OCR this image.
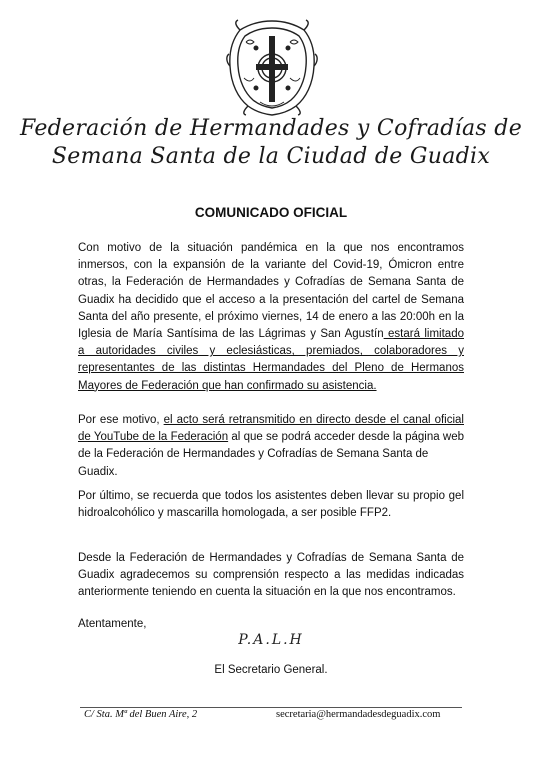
Federación de Hermandades y Cofradías de
Semana Santa de la Ciudad de Guadix
COMUNICADO OFICIAL

Con motivo de la situación pandémica en la que nos encontramos

inmersos, con la expansión de la variante del Covid-19, Ómicron entre

otras, la Federación de Hermandades y Cofradías de Semana Santa de

Guadix ha decidido que el acceso a la presentación del cartel de Semana

Santa del año presente, el próximo viernes, 14 de enero a las 20:00h en la

Iglesia de María Santísima de las Lágrimas y San Agustín estará limitado

a autoridades civiles y eclesiásticas, premiados, colaboradores y

representantes de las distintas Hermandades del Pleno de Hermanos

Mayores de Federación que han confirmado su asistencia.

Por ese motivo, el acto será retransmitido en directo desde el canal oficial

de YouTube de la Federación al que se podrá acceder desde la página web

de la Federación de Hermandades y Cofradías de Semana Santa de Guadix.

Por último, se recuerda que todos los asistentes deben llevar su propio gel

hidroalcohólico y mascarilla homologada, a ser posible FFP2.

Desde la Federación de Hermandades y Cofradías de Semana Santa de

Guadix agradecemos su comprensión respecto a las medidas indicadas

anteriormente teniendo en cuenta la situación en la que nos encontramos.

Atentamente,
P.A.L.H
El Secretario General.
C/ Sta. Mª del Buen Aire, 2	secretaria@hermandadesdeguadix.com
